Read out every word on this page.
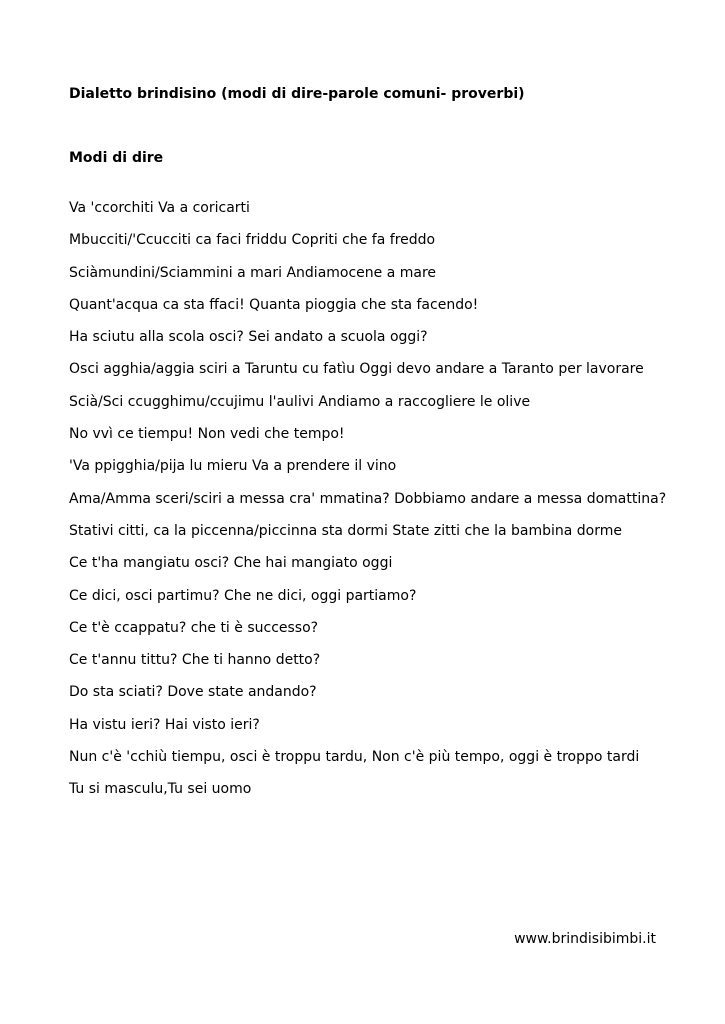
Dialetto brindisino (modi di dire-parole comuni- proverbi)
Modi di dire
Va 'ccorchiti Va a coricarti
Mbucciti/'Ccucciti ca faci friddu Copriti che fa freddo
Sciàmundini/Sciammini a mari Andiamocene a mare
Quant'acqua ca sta ffaci! Quanta pioggia che sta facendo!
Ha sciutu alla scola osci? Sei andato a scuola oggi?
Osci agghia/aggia sciri a Taruntu cu fatìu Oggi devo andare a Taranto per lavorare
Scià/Sci ccugghimu/ccujimu l'aulivi Andiamo a raccogliere le olive
No vvì ce tiempu! Non vedi che tempo!
'Va ppigghia/pija lu mieru Va a prendere il vino
Ama/Amma sceri/sciri a messa cra' mmatina? Dobbiamo andare a messa domattina?
Stativi citti, ca la piccenna/piccinna sta dormi State zitti che la bambina dorme
Ce t'ha mangiatu osci? Che hai mangiato oggi
Ce dici, osci partimu? Che ne dici, oggi partiamo?
Ce t'è ccappatu? che ti è successo?
Ce t'annu tittu? Che ti hanno detto?
Do sta sciati? Dove state andando?
Ha vistu ieri? Hai visto ieri?
Nun c'è 'cchiù tiempu, osci è troppu tardu, Non c'è più tempo, oggi è troppo tardi
Tu si masculu,Tu sei uomo
www.brindisibimbi.it
